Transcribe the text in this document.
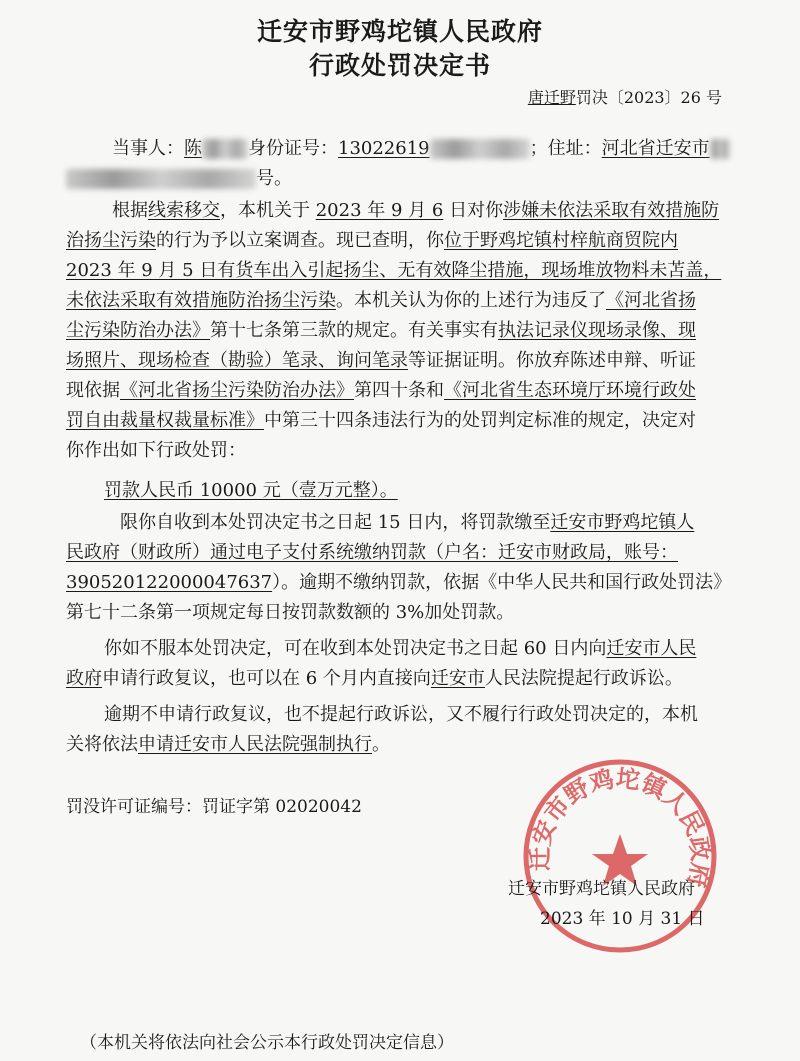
迁安市野鸡坨镇人民政府
行政处罚决定书
唐迁野罚决〔2023〕26 号
当事人：陈	身份证号：13022619	；住址：河北省迁安市
号。
根据线索移交，本机关于 2023 年 9 月 6 日对你涉嫌未依法采取有效措施防
治扬尘污染的行为予以立案调查。现已查明，你位于野鸡坨镇村梓航商贸院内
2023 年 9 月 5 日有货车出入引起扬尘、无有效降尘措施，现场堆放物料未苫盖，
未依法采取有效措施防治扬尘污染。本机关认为你的上述行为违反了《河北省扬
尘污染防治办法》第十七条第三款的规定。有关事实有执法记录仪现场录像、现
场照片、现场检查（勘验）笔录、询问笔录等证据证明。你放弃陈述申辩、听证
现依据《河北省扬尘污染防治办法》第四十条和《河北省生态环境厅环境行政处
罚自由裁量权裁量标准》中第三十四条违法行为的处罚判定标准的规定，决定对
你作出如下行政处罚：
罚款人民币 10000 元（壹万元整）。
限你自收到本处罚决定书之日起 15 日内，将罚款缴至迁安市野鸡坨镇人
民政府（财政所）通过电子支付系统缴纳罚款（户名：迁安市财政局，账号：
39052012200004763​7）。逾期不缴纳罚款，依据《中华人民共和国行政处罚法》
第七十二条第一项规定每日按罚款数额的 3%加处罚款。
你如不服本处罚决定，可在收到本处罚决定书之日起 60 日内向迁安市人民
政府申请行政复议，也可以在 6 个月内直接向迁安市人民法院提起行政诉讼。
逾期不申请行政复议，也不提起行政诉讼，又不履行行政处罚决定的，本机
关将依法申请迁安市人民法院强制执行。
罚没许可证编号：罚证字第 02020042
迁安市野鸡坨镇人民政府
迁安市野鸡坨镇人民政府
2023 年 10 月 31 日
（本机关将依法向社会公示本行政处罚决定信息）
